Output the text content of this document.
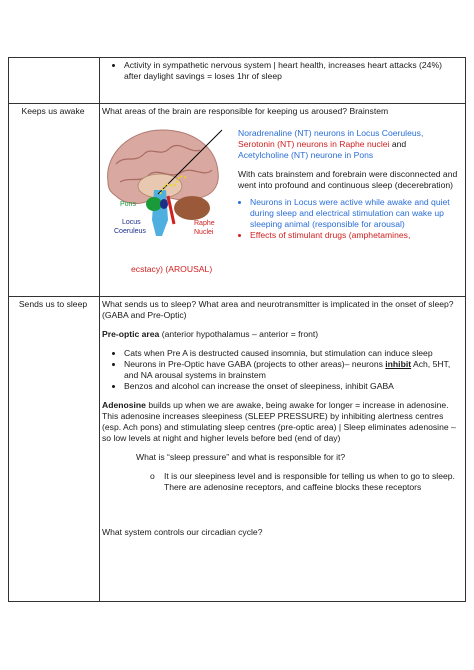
• Activity in sympathetic nervous system | heart health, increases heart attacks (24%) after daylight savings = loses 1hr of sleep
Keeps us awake	What areas of the brain are responsible for keeping us aroused? Brainstem

Noradrenaline (NT) neurons in Locus Coeruleus,

Serotonin (NT) neurons in Raphe nuclei and

Acetylcholine (NT) neurone in Pons

With cats brainstem and forebrain were disconnected and went into profound and continuous sleep (decerebration)

• Neurons in Locus were active while awake and quiet during sleep and electrical stimulation can wake up sleeping animal (responsible for arousal)
• Effects of stimulant drugs (amphetamines,
ecstacy) (AROUSAL)
Sends us to sleep	What sends us to sleep? What area and neurotransmitter is implicated in the onset of sleep? (GABA and Pre-Optic)

Pre-optic area (anterior hypothalamus – anterior = front)

• Cats when Pre A is destructed caused insomnia, but stimulation can induce sleep
• Neurons in Pre-Optic have GABA (projects to other areas)– neurons inhibit Ach, 5HT, and NA arousal systems in brainstem
• Benzos and alcohol can increase the onset of sleepiness, inhibit GABA

Adenosine builds up when we are awake, being awake for longer = increase in adenosine. This adenosine increases sleepiness (SLEEP PRESSURE) by inhibiting alertness centres (esp. Ach pons) and stimulating sleep centres (pre-optic area) | Sleep eliminates adenosine – so low levels at night and higher levels before bed (end of day)

What is “sleep pressure” and what is responsible for it?

o It is our sleepiness level and is responsible for telling us when to go to sleep. There are adenosine receptors, and caffeine blocks these receptors

What system controls our circadian cycle?

Pons
Locus
Coeruleus
Raphe
Nuclei
